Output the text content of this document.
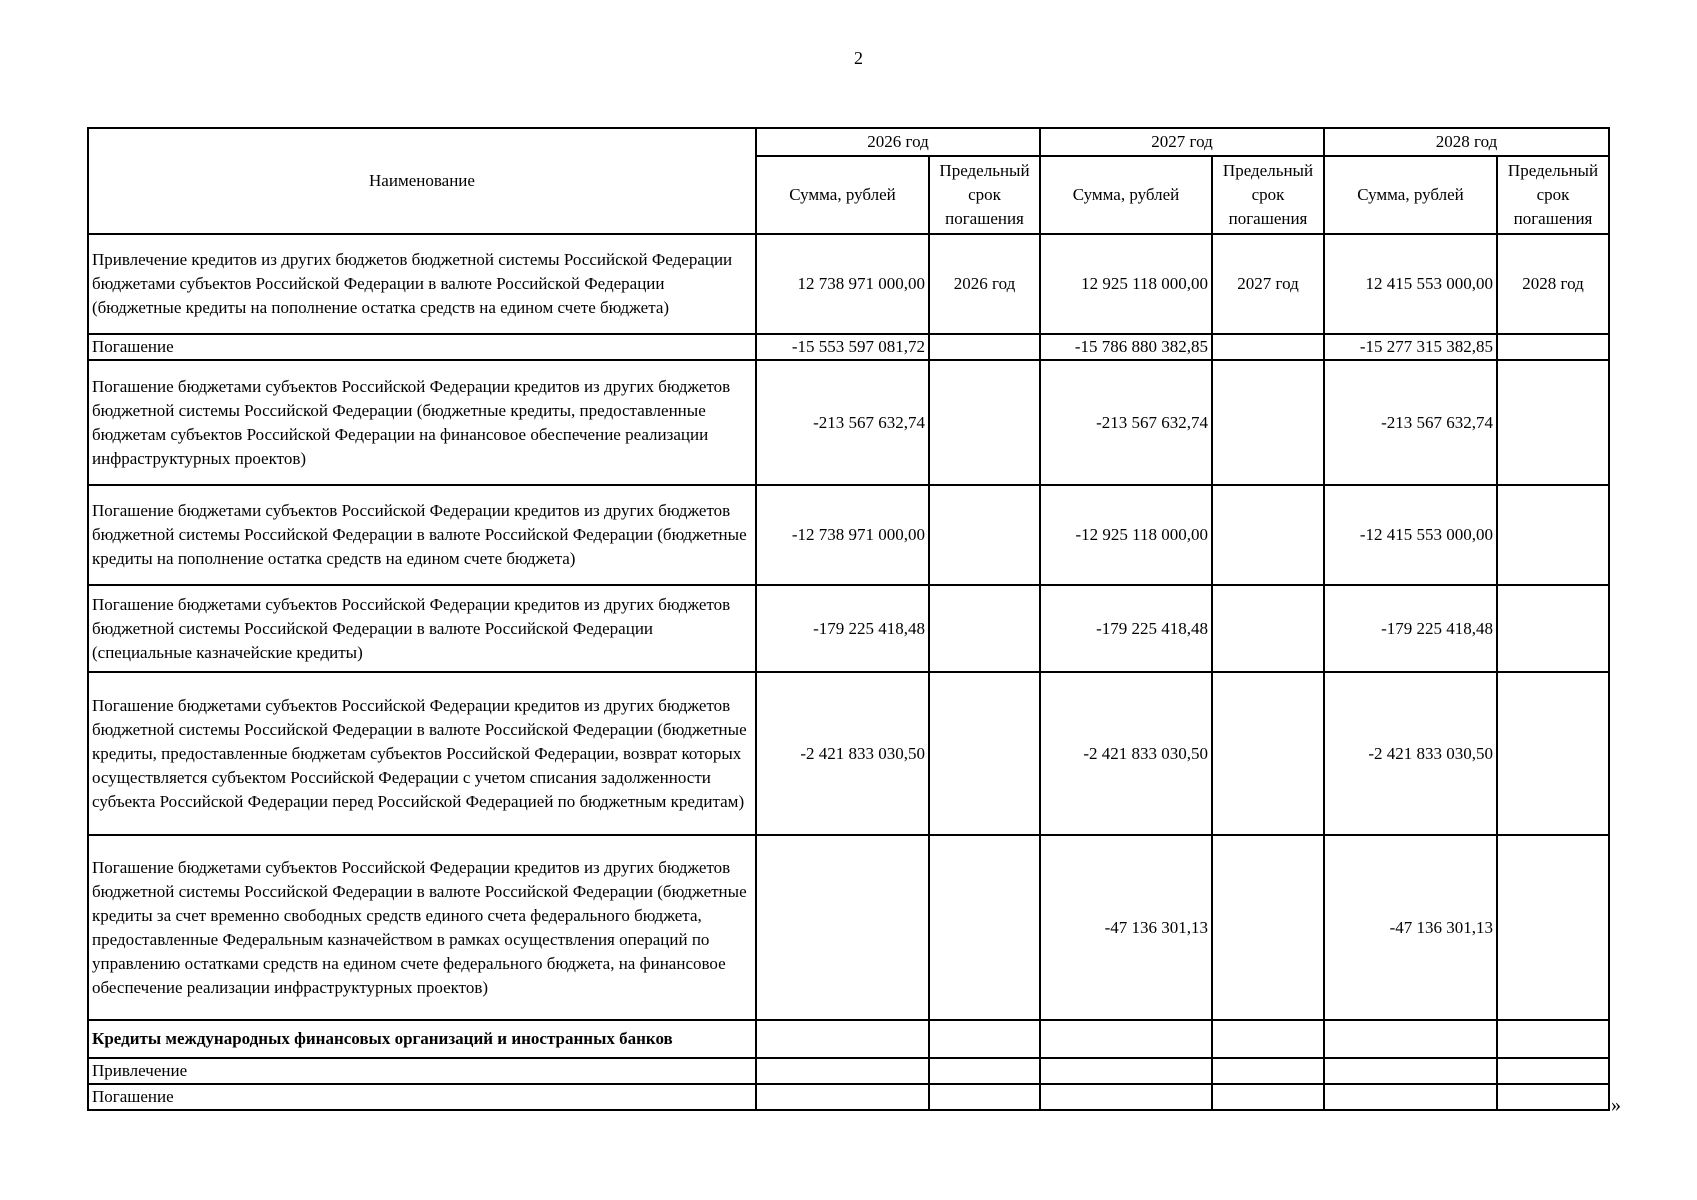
2
Наименование	2026 год		2027 год		2028 год	
	Сумма, рублей	Предельный срок погашения	Сумма, рублей	Предельный срок погашения	Сумма, рублей	Предельный срок погашения
Привлечение кредитов из других бюджетов бюджетной системы Российской Федерации бюджетами субъектов Российской Федерации в валюте Российской Федерации (бюджетные кредиты на пополнение остатка средств на едином счете бюджета)	12 738 971 000,00	2026 год	12 925 118 000,00	2027 год	12 415 553 000,00	2028 год
Погашение	-15 553 597 081,72		-15 786 880 382,85		-15 277 315 382,85	
Погашение бюджетами субъектов Российской Федерации кредитов из других бюджетов бюджетной системы Российской Федерации (бюджетные кредиты, предоставленные бюджетам субъектов Российской Федерации на финансовое обеспечение реализации инфраструктурных проектов)	-213 567 632,74		-213 567 632,74		-213 567 632,74	
Погашение бюджетами субъектов Российской Федерации кредитов из других бюджетов бюджетной системы Российской Федерации в валюте Российской Федерации (бюджетные кредиты на пополнение остатка средств на едином счете бюджета)	-12 738 971 000,00		-12 925 118 000,00		-12 415 553 000,00	
Погашение бюджетами субъектов Российской Федерации кредитов из других бюджетов бюджетной системы Российской Федерации в валюте Российской Федерации (специальные казначейские кредиты)	-179 225 418,48		-179 225 418,48		-179 225 418,48	
Погашение бюджетами субъектов Российской Федерации кредитов из других бюджетов бюджетной системы Российской Федерации в валюте Российской Федерации (бюджетные кредиты, предоставленные бюджетам субъектов Российской Федерации, возврат которых осуществляется субъектом Российской Федерации с учетом списания задолженности субъекта Российской Федерации перед Российской Федерацией по бюджетным кредитам)	-2 421 833 030,50		-2 421 833 030,50		-2 421 833 030,50	
Погашение бюджетами субъектов Российской Федерации кредитов из других бюджетов бюджетной системы Российской Федерации в валюте Российской Федерации (бюджетные кредиты за счет временно свободных средств единого счета федерального бюджета, предоставленные Федеральным казначейством в рамках осуществления операций по управлению остатками средств на едином счете федерального бюджета, на финансовое обеспечение реализации инфраструктурных проектов)			-47 136 301,13		-47 136 301,13	
Кредиты международных финансовых организаций и иностранных банков						
Привлечение						
Погашение							»
